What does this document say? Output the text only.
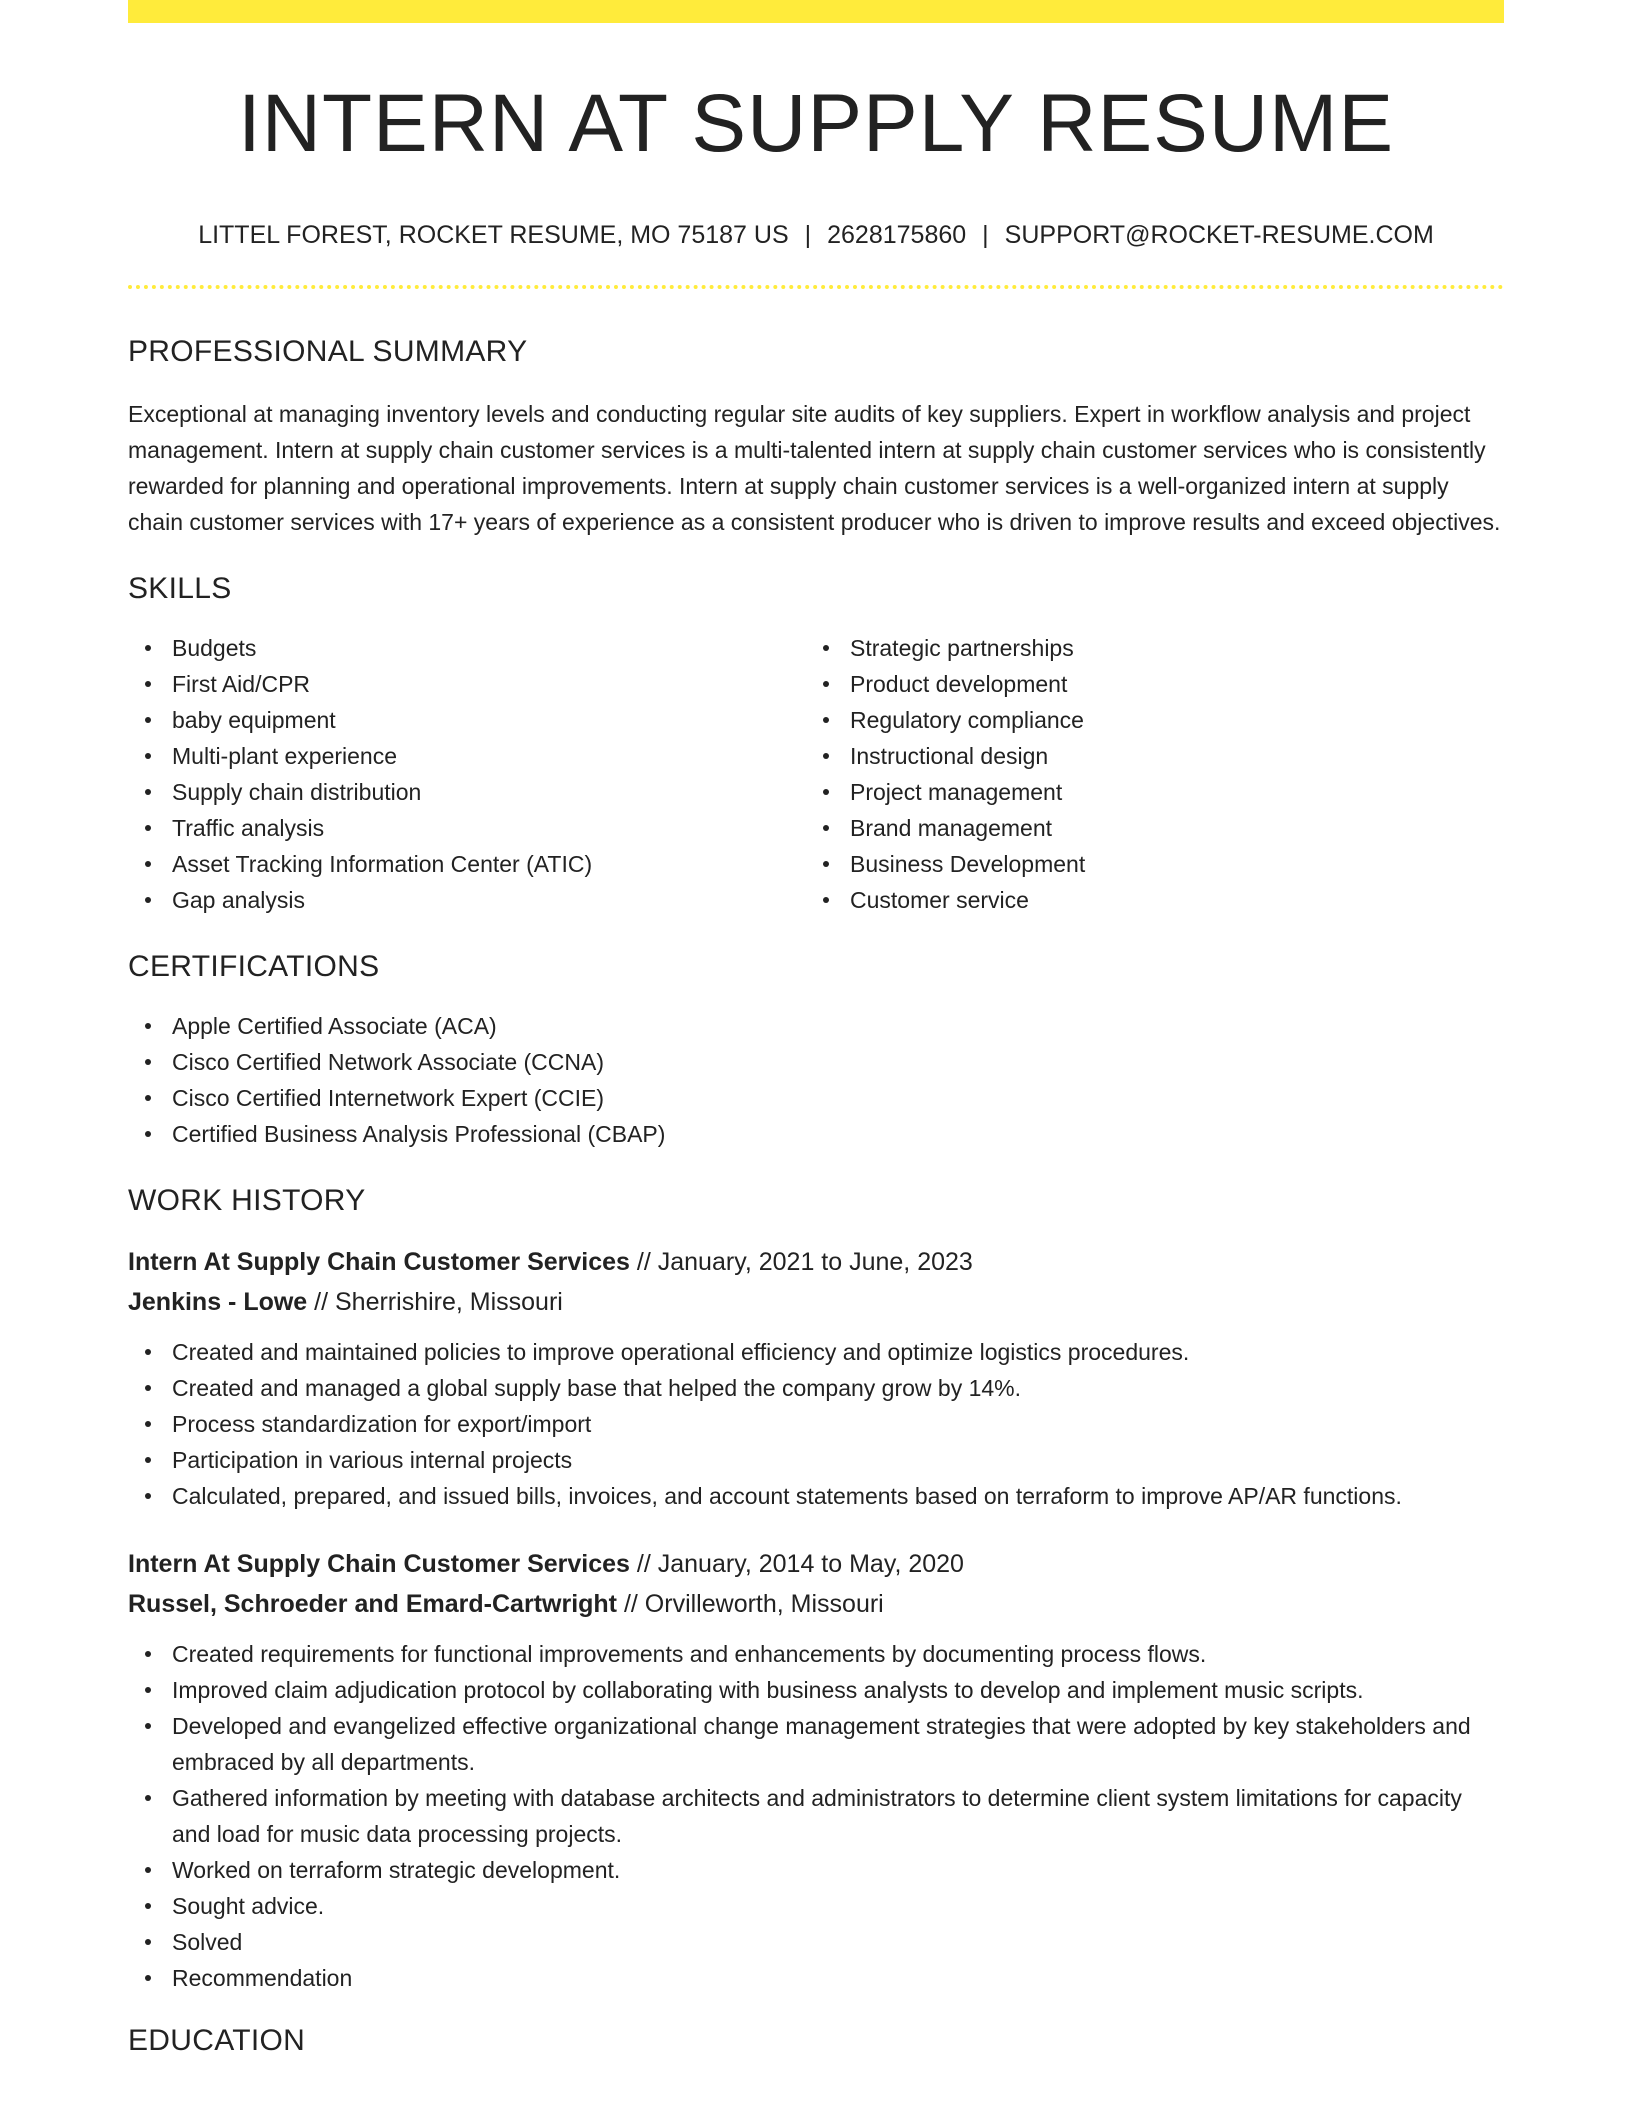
INTERN AT SUPPLY RESUME
LITTEL FOREST, ROCKET RESUME, MO 75187 US | 2628175860 | SUPPORT@ROCKET-RESUME.COM
PROFESSIONAL SUMMARY

Exceptional at managing inventory levels and conducting regular site audits of key suppliers. Expert in workflow analysis and project management. Intern at supply chain customer services is a multi-talented intern at supply chain customer services who is consistently rewarded for planning and operational improvements. Intern at supply chain customer services is a well-organized intern at supply chain customer services with 17+ years of experience as a consistent producer who is driven to improve results and exceed objectives.

SKILLS
Budgets
First Aid/CPR
baby equipment
Multi-plant experience
Supply chain distribution
Traffic analysis
Asset Tracking Information Center (ATIC)
Gap analysis
Strategic partnerships
Product development
Regulatory compliance
Instructional design
Project management
Brand management
Business Development
Customer service
CERTIFICATIONS
Apple Certified Associate (ACA)
Cisco Certified Network Associate (CCNA)
Cisco Certified Internetwork Expert (CCIE)
Certified Business Analysis Professional (CBAP)
WORK HISTORY
Intern At Supply Chain Customer Services // January, 2021 to June, 2023
Jenkins - Lowe // Sherrishire, Missouri
Created and maintained policies to improve operational efficiency and optimize logistics procedures.
Created and managed a global supply base that helped the company grow by 14%.
Process standardization for export/import
Participation in various internal projects
Calculated, prepared, and issued bills, invoices, and account statements based on terraform to improve AP/AR functions.
Intern At Supply Chain Customer Services // January, 2014 to May, 2020
Russel, Schroeder and Emard-Cartwright // Orvilleworth, Missouri
Created requirements for functional improvements and enhancements by documenting process flows.
Improved claim adjudication protocol by collaborating with business analysts to develop and implement music scripts.
Developed and evangelized effective organizational change management strategies that were adopted by key stakeholders and embraced by all departments.
Gathered information by meeting with database architects and administrators to determine client system limitations for capacity and load for music data processing projects.
Worked on terraform strategic development.
Sought advice.
Solved
Recommendation
EDUCATION
